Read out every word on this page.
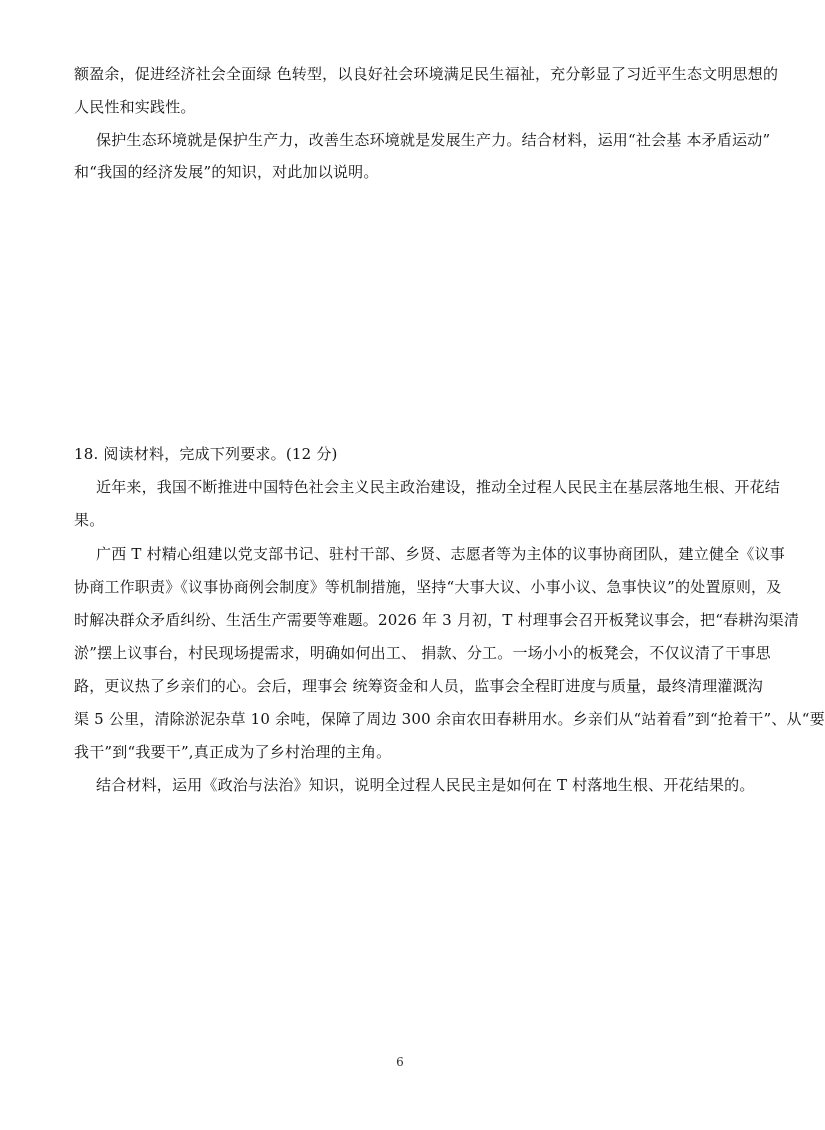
额盈余，促进经济社会全面绿 色转型，以良好社会环境满足民生福祉，充分彰显了习近平生态文明思想的
人民性和实践性。
保护生态环境就是保护生产力，改善生态环境就是发展生产力。结合材料，运用“社会基 本矛盾运动”
和“我国的经济发展”的知识，对此加以说明。
18. 阅读材料，完成下列要求。(12 分)
近年来，我国不断推进中国特色社会主义民主政治建设，推动全过程人民民主在基层落地生根、开花结
果。
广西 T 村精心组建以党支部书记、驻村干部、乡贤、志愿者等为主体的议事协商团队，建立健全《议事
协商工作职责》《议事协商例会制度》等机制措施，坚持“大事大议、小事小议、急事快议”的处置原则，及
时解决群众矛盾纠纷、生活生产需要等难题。2026 年 3 月初，T 村理事会召开板凳议事会，把“春耕沟渠清
淤”摆上议事台，村民现场提需求，明确如何出工、 捐款、分工。一场小小的板凳会，不仅议清了干事思
路，更议热了乡亲们的心。会后，理事会 统筹资金和人员，监事会全程盯进度与质量，最终清理灌溉沟
渠 5 公里，清除淤泥杂草 10 余吨，保障了周边 300 余亩农田春耕用水。乡亲们从“站着看”到“抢着干”、从“要
我干”到“我要干”,真正成为了乡村治理的主角。
结合材料，运用《政治与法治》知识，说明全过程人民民主是如何在 T 村落地生根、开花结果的。
6
